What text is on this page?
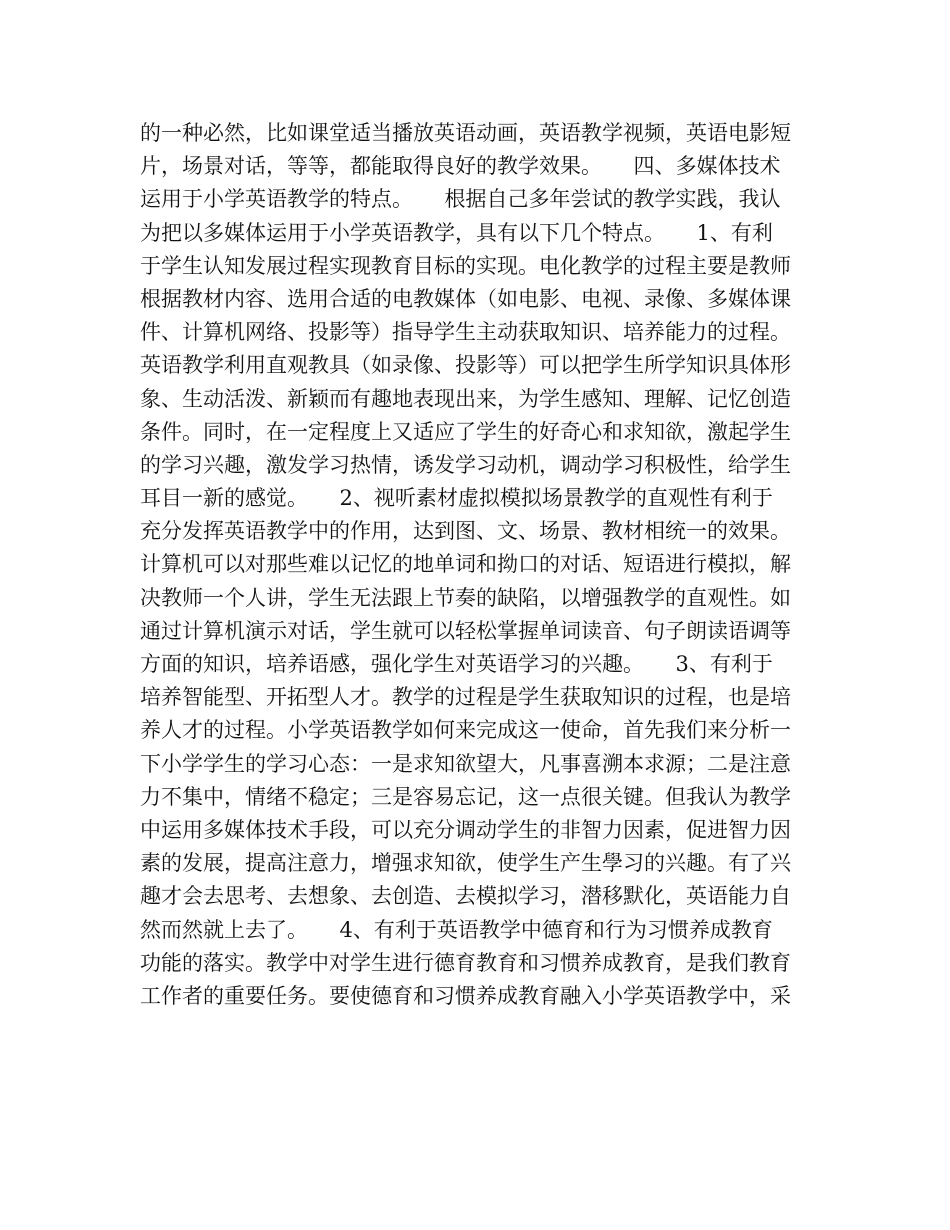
的一种必然，比如课堂适当播放英语动画，英语教学视频，英语电影短
片，场景对话，等等，都能取得良好的教学效果。　　四、多媒体技术
运用于小学英语教学的特点。　　根据自己多年尝试的教学实践，我认
为把以多媒体运用于小学英语教学，具有以下几个特点。　　1、有利
于学生认知发展过程实现教育目标的实现。电化教学的过程主要是教师
根据教材内容、选用合适的电教媒体（如电影、电视、录像、多媒体课
件、计算机网络、投影等）指导学生主动获取知识、培养能力的过程。
英语教学利用直观教具（如录像、投影等）可以把学生所学知识具体形
象、生动活泼、新颖而有趣地表现出来，为学生感知、理解、记忆创造
条件。同时，在一定程度上又适应了学生的好奇心和求知欲，激起学生
的学习兴趣，激发学习热情，诱发学习动机，调动学习积极性，给学生
耳目一新的感觉。　　2、视听素材虚拟模拟场景教学的直观性有利于
充分发挥英语教学中的作用，达到图、文、场景、教材相统一的效果。
计算机可以对那些难以记忆的地单词和拗口的对话、短语进行模拟，解
决教师一个人讲，学生无法跟上节奏的缺陷，以增强教学的直观性。如
通过计算机演示对话，学生就可以轻松掌握单词读音、句子朗读语调等
方面的知识，培养语感，强化学生对英语学习的兴趣。　　3、有利于
培养智能型、开拓型人才。教学的过程是学生获取知识的过程，也是培
养人才的过程。小学英语教学如何来完成这一使命，首先我们来分析一
下小学学生的学习心态：一是求知欲望大，凡事喜溯本求源；二是注意
力不集中，情绪不稳定；三是容易忘记，这一点很关键。但我认为教学
中运用多媒体技术手段，可以充分调动学生的非智力因素，促进智力因
素的发展，提高注意力，增强求知欲，使学生产生學习的兴趣。有了兴
趣才会去思考、去想象、去创造、去模拟学习，潜移默化，英语能力自
然而然就上去了。　　4、有利于英语教学中德育和行为习惯养成教育
功能的落实。教学中对学生进行德育教育和习惯养成教育，是我们教育
工作者的重要任务。要使德育和习惯养成教育融入小学英语教学中，采
